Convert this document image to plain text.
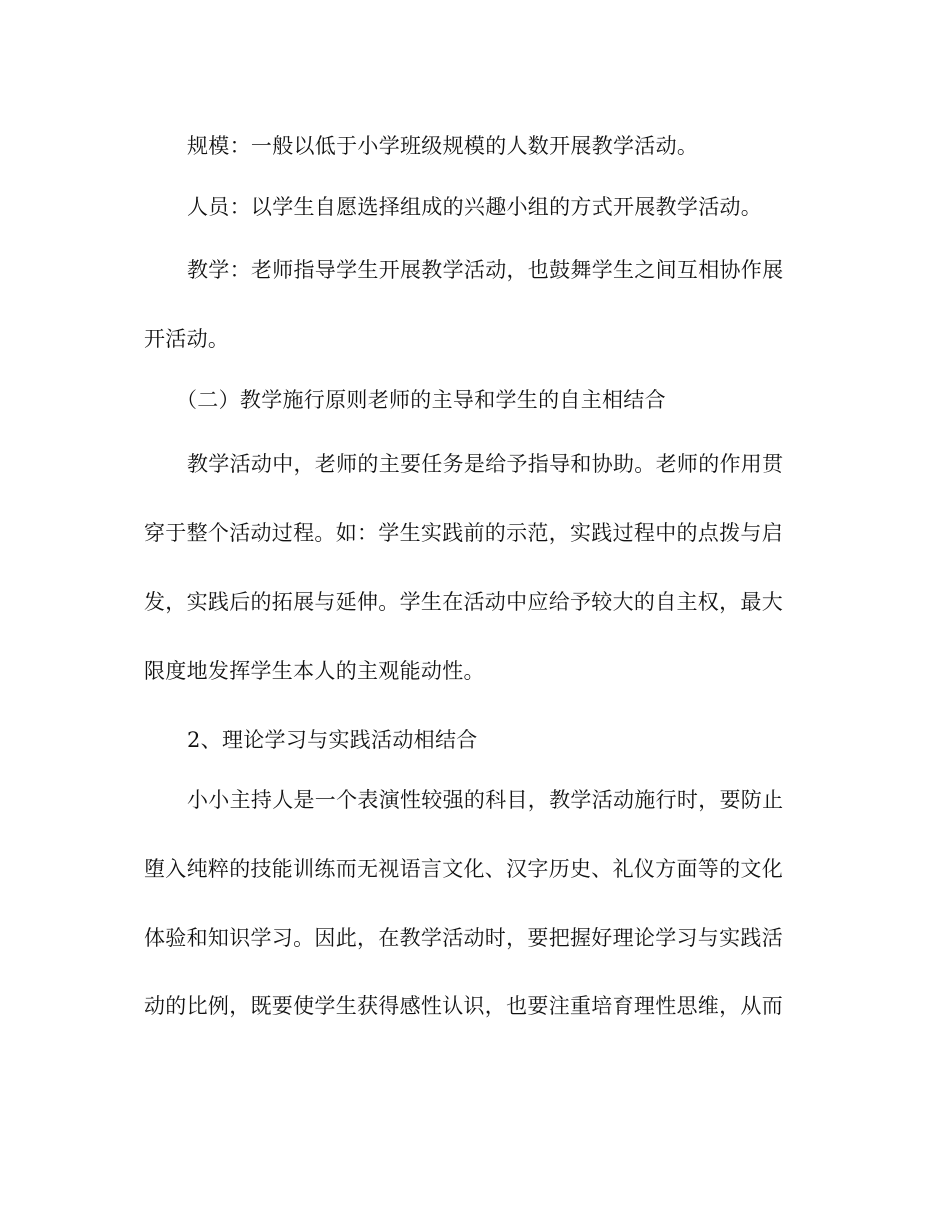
规模：一般以低于小学班级规模的人数开展教学活动。
人员：以学生自愿选择组成的兴趣小组的方式开展教学活动。
教学：老师指导学生开展教学活动，也鼓舞学生之间互相协作展
开活动。
（二）教学施行原则老师的主导和学生的自主相结合
教学活动中，老师的主要任务是给予指导和协助。老师的作用贯
穿于整个活动过程。如：学生实践前的示范，实践过程中的点拨与启
发，实践后的拓展与延伸。学生在活动中应给予较大的自主权，最大
限度地发挥学生本人的主观能动性。
2、理论学习与实践活动相结合
小小主持人是一个表演性较强的科目，教学活动施行时，要防止
堕入纯粹的技能训练而无视语言文化、汉字历史、礼仪方面等的文化
体验和知识学习。因此，在教学活动时，要把握好理论学习与实践活
动的比例，既要使学生获得感性认识，也要注重培育理性思维，从而
